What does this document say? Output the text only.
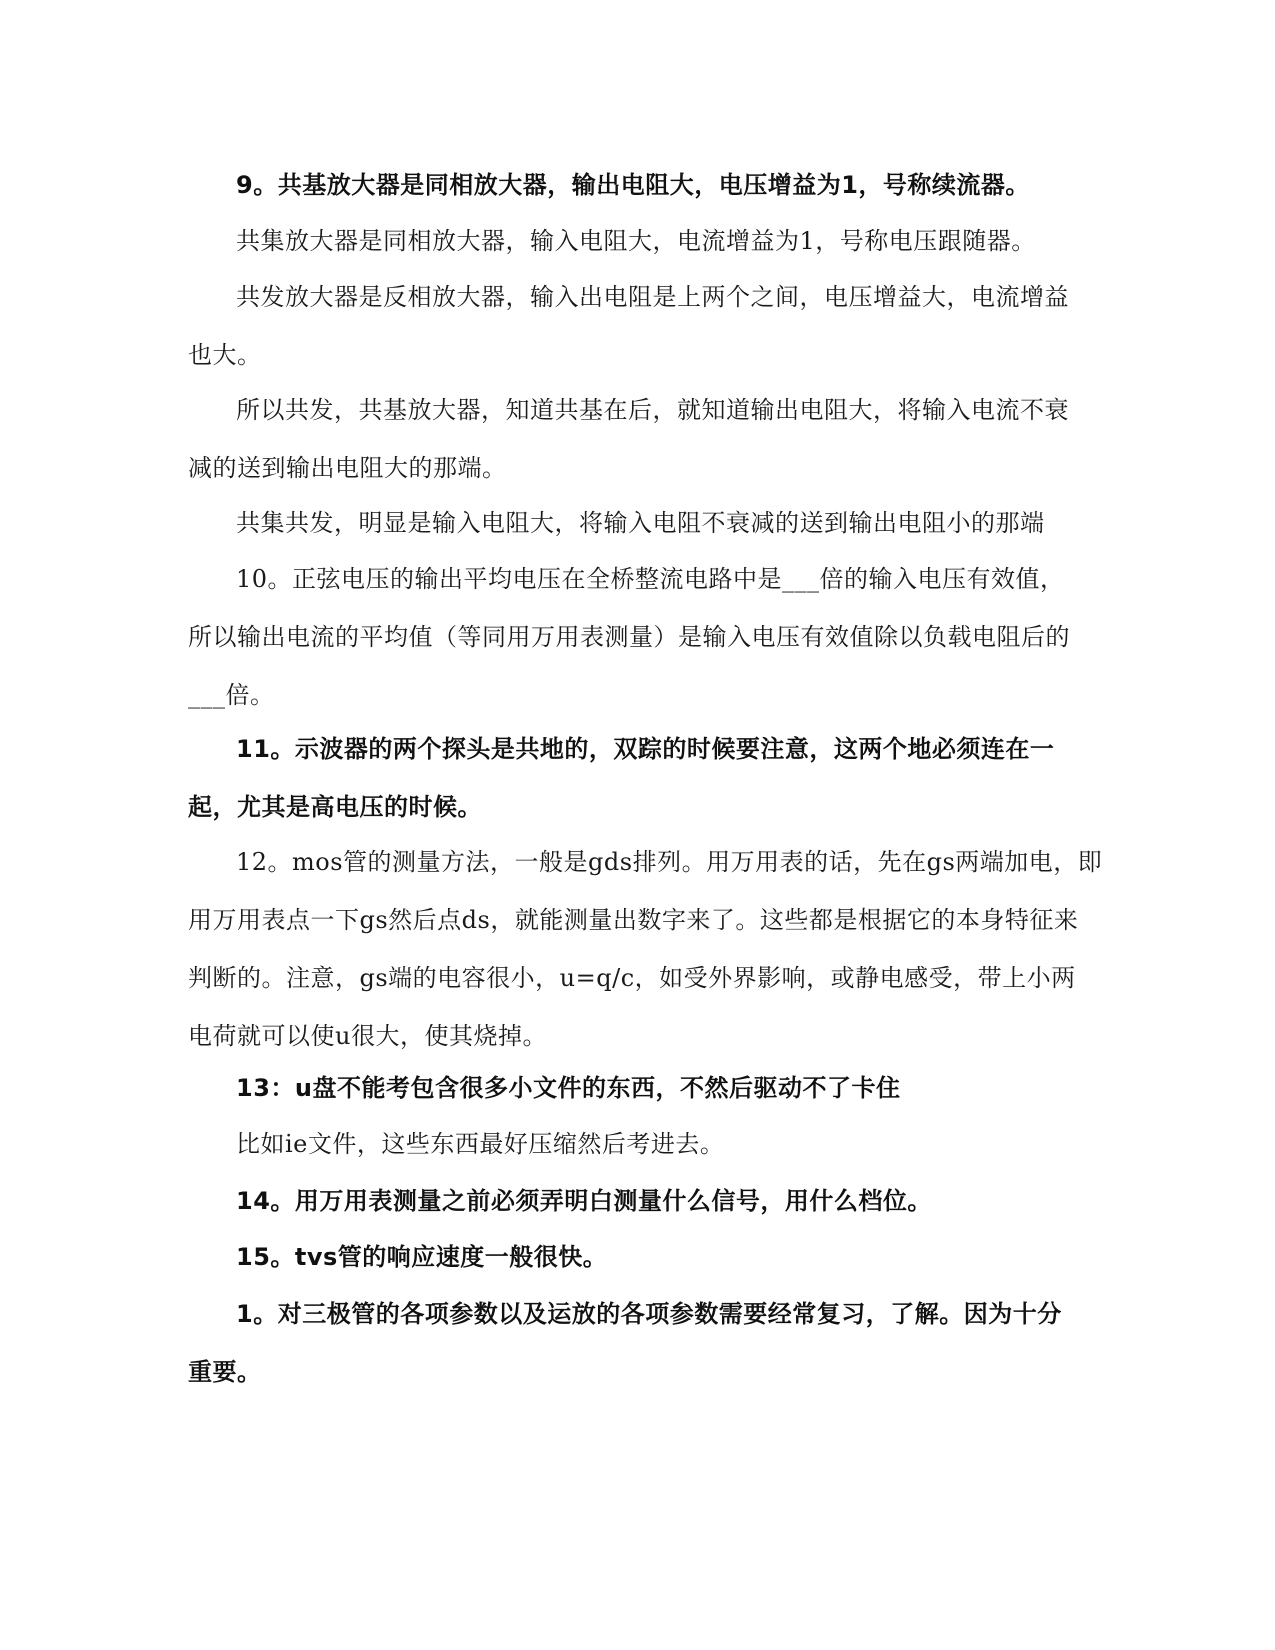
9。共基放大器是同相放大器，输出电阻大，电压增益为1，号称续流器。
共集放大器是同相放大器，输入电阻大，电流增益为1，号称电压跟随器。
共发放大器是反相放大器，输入出电阻是上两个之间，电压增益大，电流增益
也大。
所以共发，共基放大器，知道共基在后，就知道输出电阻大，将输入电流不衰
减的送到输出电阻大的那端。
共集共发，明显是输入电阻大，将输入电阻不衰减的送到输出电阻小的那端
10。正弦电压的输出平均电压在全桥整流电路中是___倍的输入电压有效值，
所以输出电流的平均值（等同用万用表测量）是输入电压有效值除以负载电阻后的
___倍。
11。示波器的两个探头是共地的，双踪的时候要注意，这两个地必须连在一
起，尤其是高电压的时候。
12。mos管的测量方法，一般是gds排列。用万用表的话，先在gs两端加电，即
用万用表点一下gs然后点ds，就能测量出数字来了。这些都是根据它的本身特征来
判断的。注意，gs端的电容很小，u=q/c，如受外界影响，或静电感受，带上小两
电荷就可以使u很大，使其烧掉。
13：u盘不能考包含很多小文件的东西，不然后驱动不了卡住
比如ie文件，这些东西最好压缩然后考进去。
14。用万用表测量之前必须弄明白测量什么信号，用什么档位。
15。tvs管的响应速度一般很快。
1。对三极管的各项参数以及运放的各项参数需要经常复习，了解。因为十分
重要。
